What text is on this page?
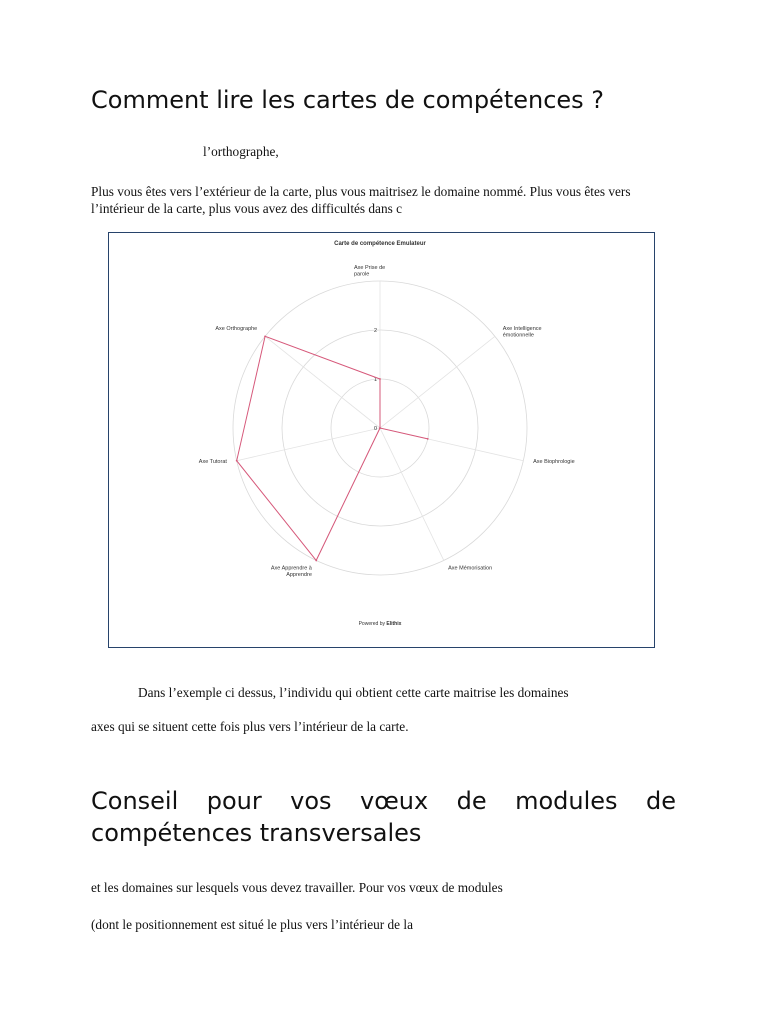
Comment lire les cartes de compétences ?

l’orthographe,

Plus vous êtes vers l’extérieur de la carte, plus vous maitrisez le domaine nommé. Plus vous êtes vers
l’intérieur de la carte, plus vous avez des difficultés dans c
Carte de compétence Emulateur
0
1
2
Axe Prise de parole
Axe Intelligence émotionnelle
Axe Biophrologie
Axe Mémorisation
Axe Apprendre à Apprendre
Axe Tutorat
Axe Orthographe
Powered by Elithix

Dans l’exemple ci dessus, l’individu qui obtient cette carte maitrise les domaines

axes qui se situent cette fois plus vers l’intérieur de la carte.

Conseil pour vos vœux de modules de
compétences transversales

et les domaines sur lesquels vous devez travailler. Pour vos vœux de modules

(dont le positionnement est situé le plus vers l’intérieur de la
